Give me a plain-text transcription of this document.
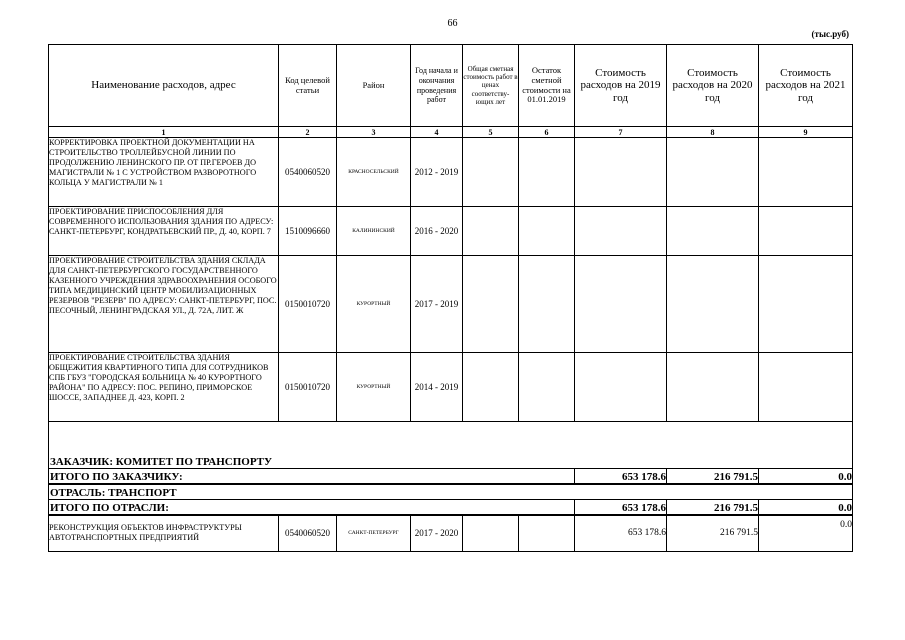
66
(тыс.руб)
Наименование расходов, адрес	Код целевой статьи	Район	Год начала и окончания проведения работ	Общая сметная стоимость работ в ценах соответству-ющих лет	Остаток сметной стоимости на 01.01.2019	Стоимость расходов на 2019 год	Стоимость расходов на 2020 год	Стоимость расходов на 2021 год
1	2	3	4	5	6	7	8	9
КОРРЕКТИРОВКА ПРОЕКТНОЙ ДОКУМЕНТАЦИИ НА СТРОИТЕЛЬСТВО ТРОЛЛЕЙБУСНОЙ ЛИНИИ ПО ПРОДОЛЖЕНИЮ ЛЕНИНСКОГО ПР. ОТ ПР.ГЕРОЕВ ДО МАГИСТРАЛИ № 1 С УСТРОЙСТВОМ РАЗВОРОТНОГО КОЛЬЦА У МАГИСТРАЛИ № 1	0540060520	КРАСНОСЕЛЬСКИЙ	2012 - 2019					
ПРОЕКТИРОВАНИЕ ПРИСПОСОБЛЕНИЯ ДЛЯ СОВРЕМЕННОГО ИСПОЛЬЗОВАНИЯ ЗДАНИЯ ПО АДРЕСУ: САНКТ-ПЕТЕРБУРГ, КОНДРАТЬЕВСКИЙ ПР., Д. 40, КОРП. 7	1510096660	КАЛИНИНСКИЙ	2016 - 2020					
ПРОЕКТИРОВАНИЕ СТРОИТЕЛЬСТВА ЗДАНИЯ СКЛАДА ДЛЯ САНКТ-ПЕТЕРБУРГСКОГО ГОСУДАРСТВЕННОГО КАЗЕННОГО УЧРЕЖДЕНИЯ ЗДРАВООХРАНЕНИЯ ОСОБОГО ТИПА МЕДИЦИНСКИЙ ЦЕНТР МОБИЛИЗАЦИОННЫХ РЕЗЕРВОВ "РЕЗЕРВ" ПО АДРЕСУ: САНКТ-ПЕТЕРБУРГ, ПОС. ПЕСОЧНЫЙ, ЛЕНИНГРАДСКАЯ УЛ., Д. 72А, ЛИТ. Ж	0150010720	КУРОРТНЫЙ	2017 - 2019					
ПРОЕКТИРОВАНИЕ СТРОИТЕЛЬСТВА ЗДАНИЯ ОБЩЕЖИТИЯ КВАРТИРНОГО ТИПА ДЛЯ СОТРУДНИКОВ СПБ ГБУЗ "ГОРОДСКАЯ БОЛЬНИЦА № 40 КУРОРТНОГО РАЙОНА" ПО АДРЕСУ: ПОС. РЕПИНО, ПРИМОРСКОЕ ШОССЕ, ЗАПАДНЕЕ Д. 423, КОРП. 2	0150010720	КУРОРТНЫЙ	2014 - 2019					

ЗАКАЗЧИК: КОМИТЕТ ПО ТРАНСПОРТУ								
ИТОГО ПО ЗАКАЗЧИКУ:						653 178.6	216 791.5	0.0
ОТРАСЛЬ: ТРАНСПОРТ								
ИТОГО ПО ОТРАСЛИ:						653 178.6	216 791.5	0.0
РЕКОНСТРУКЦИЯ ОБЪЕКТОВ ИНФРАСТРУКТУРЫ АВТОТРАНСПОРТНЫХ ПРЕДПРИЯТИЙ	0540060520	САНКТ-ПЕТЕРБУРГ	2017 - 2020			653 178.6	216 791.5	0.0
